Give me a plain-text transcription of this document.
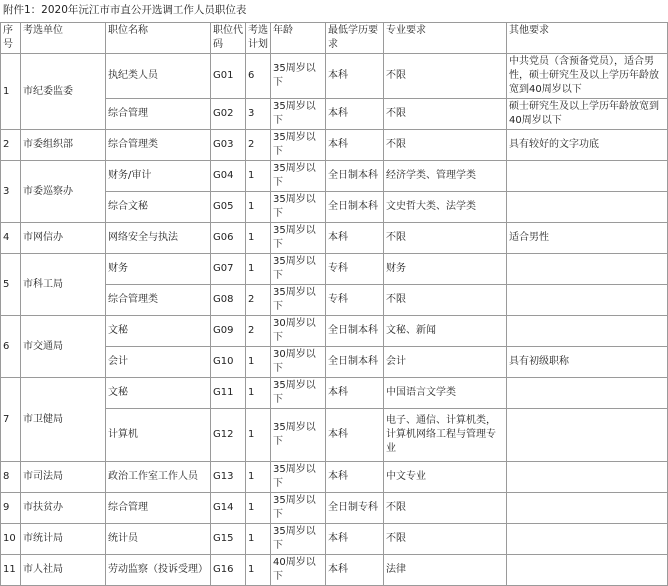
附件1：2020年沅江市市直公开选调工作人员职位表
序号	考选单位	职位名称	职位代码	考选计划	年龄	最低学历要求	专业要求	其他要求
1	市纪委监委	执纪类人员	G01	6	35周岁以下	本科	不限	中共党员（含预备党员），适合男性，硕士研究生及以上学历年龄放宽到40周岁以下
		综合管理	G02	3	35周岁以下	本科	不限	硕士研究生及以上学历年龄放宽到40周岁以下
2	市委组织部	综合管理类	G03	2	35周岁以下	本科	不限	具有较好的文字功底
3	市委巡察办	财务/审计	G04	1	35周岁以下	全日制本科	经济学类、管理学类	
		综合文秘	G05	1	35周岁以下	全日制本科	文史哲大类、法学类	
4	市网信办	网络安全与执法	G06	1	35周岁以下	本科	不限	适合男性
5	市科工局	财务	G07	1	35周岁以下	专科	财务	
		综合管理类	G08	2	35周岁以下	专科	不限	
6	市交通局	文秘	G09	2	30周岁以下	全日制本科	文秘、新闻	
		会计	G10	1	30周岁以下	全日制本科	会计	具有初级职称
7	市卫健局	文秘	G11	1	35周岁以下	本科	中国语言文学类	
		计算机	G12	1	35周岁以下	本科	电子、通信、计算机类，计算机网络工程与管理专业	
8	市司法局	政治工作室工作人员	G13	1	35周岁以下	本科	中文专业	
9	市扶贫办	综合管理	G14	1	35周岁以下	全日制专科	不限	
10	市统计局	统计员	G15	1	35周岁以下	本科	不限	
11	市人社局	劳动监察（投诉受理）	G16	1	40周岁以下	本科	法律	
